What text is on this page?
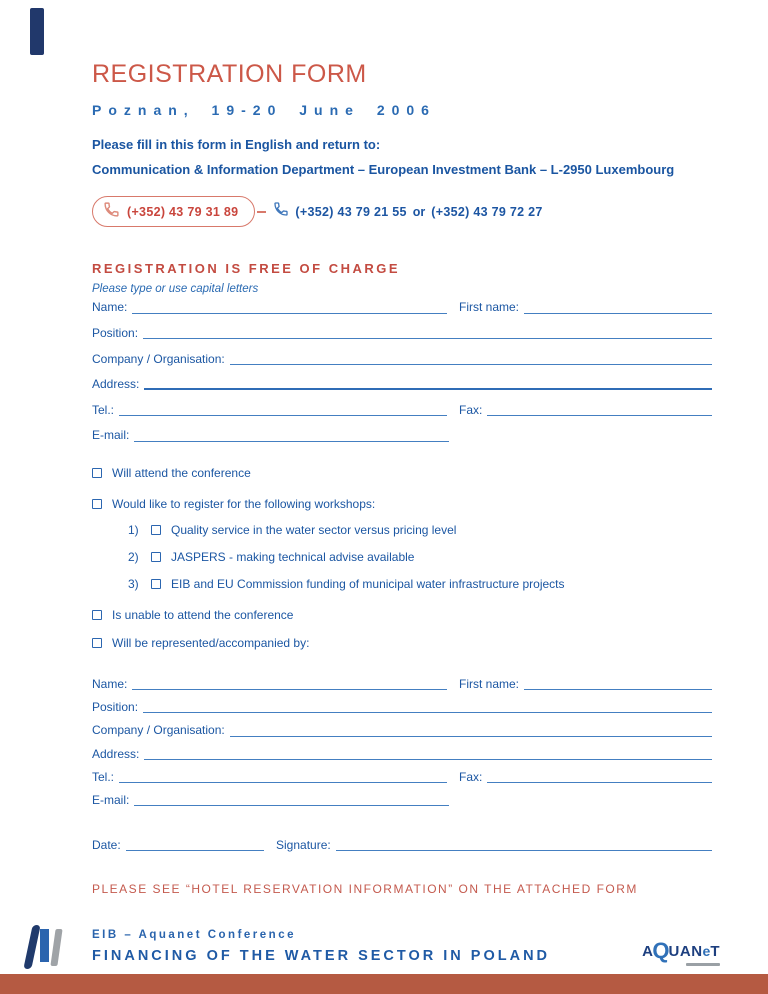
REGISTRATION FORM
Poznan, 19-20 June 2006
Please fill in this form in English and return to:
Communication & Information Department – European Investment Bank – L-2950 Luxembourg
(+352) 43 79 31 89	(+352) 43 79 21 55 or (+352) 43 79 72 27
REGISTRATION IS FREE OF CHARGE
Please type or use capital letters
Name:	First name:
Position:
Company / Organisation:
Address:
Tel.:	Fax:
E-mail:
Will attend the conference
Would like to register for the following workshops:
1)	Quality service in the water sector versus pricing level
2)	JASPERS - making technical advise available
3)	EIB and EU Commission funding of municipal water infrastructure projects
Is unable to attend the conference
Will be represented/accompanied by:
Name:	First name:
Position:
Company / Organisation:
Address:
Tel.:	Fax:
E-mail:
Date:	Signature:
PLEASE SEE “HOTEL RESERVATION INFORMATION” ON THE ATTACHED FORM
EIB – Aquanet Conference
FINANCING OF THE WATER SECTOR IN POLAND	A Q UAN e T
